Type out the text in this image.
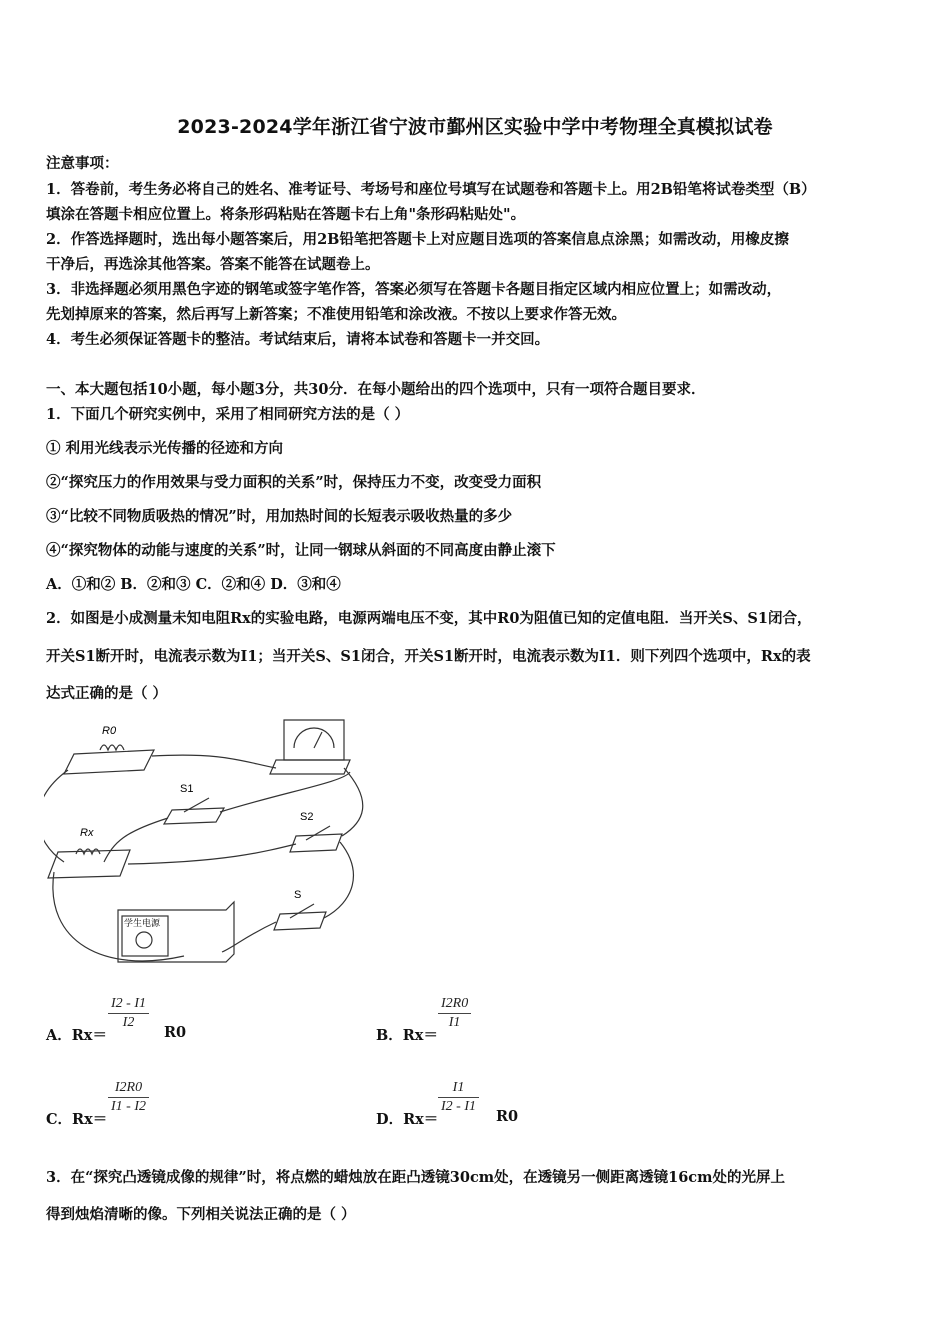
2023-2024学年浙江省宁波市鄞州区实验中学中考物理全真模拟试卷
注意事项：
1．答卷前，考生务必将自己的姓名、准考证号、考场号和座位号填写在试题卷和答题卡上。用2B铅笔将试卷类型（B）
填涂在答题卡相应位置上。将条形码粘贴在答题卡右上角"条形码粘贴处"。
2．作答选择题时，选出每小题答案后，用2B铅笔把答题卡上对应题目选项的答案信息点涂黑；如需改动，用橡皮擦
干净后，再选涂其他答案。答案不能答在试题卷上。
3．非选择题必须用黑色字迹的钢笔或签字笔作答，答案必须写在答题卡各题目指定区域内相应位置上；如需改动，
先划掉原来的答案，然后再写上新答案；不准使用铅笔和涂改液。不按以上要求作答无效。
4．考生必须保证答题卡的整洁。考试结束后，请将本试卷和答题卡一并交回。
一、本大题包括10小题，每小题3分，共30分．在每小题给出的四个选项中，只有一项符合题目要求．
1．下面几个研究实例中，采用了相同研究方法的是（ ）
① 利用光线表示光传播的径迹和方向
②“探究压力的作用效果与受力面积的关系”时，保持压力不变，改变受力面积
③“比较不同物质吸热的情况”时，用加热时间的长短表示吸收热量的多少
④“探究物体的动能与速度的关系”时，让同一钢球从斜面的不同高度由静止滚下
A．①和② B．②和③ C．②和④ D．③和④
2．如图是小成测量未知电阻Rx的实验电路，电源两端电压不变，其中R0为阻值已知的定值电阻．当开关S、S1闭合，
开关S1断开时，电流表示数为I1；当开关S、S1闭合，开关S1断开时，电流表示数为I1．则下列四个选项中，Rx的表
达式正确的是（ ）
R0
S1
Rx
S2
S
学生电源
A．Rx＝
I2 - I1
I2
R0	B．Rx＝
I2R0
I1
C．Rx＝
I2R0
I1 - I2
D．Rx＝
I1
I2 - I1
R0
3．在“探究凸透镜成像的规律”时，将点燃的蜡烛放在距凸透镜30cm处，在透镜另一侧距离透镜16cm处的光屏上
得到烛焰清晰的像。下列相关说法正确的是（ ）
